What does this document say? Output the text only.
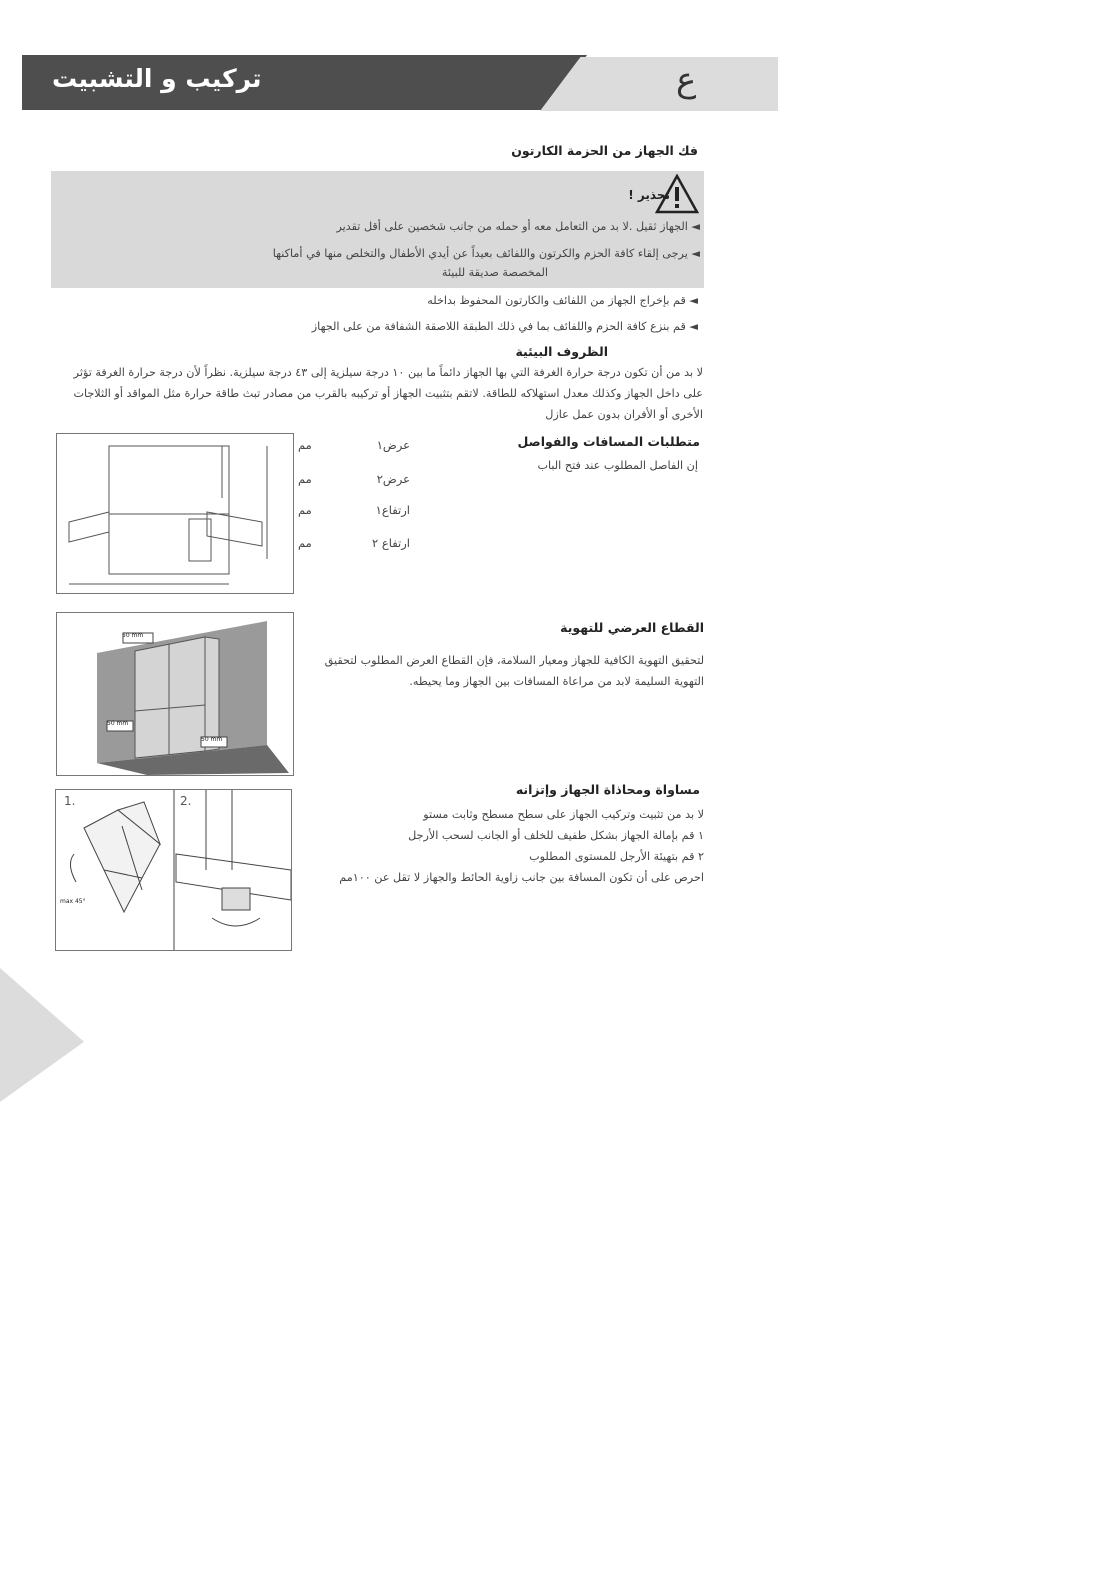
تركيب و التشبيت	ع
فك الجهاز من الحزمة الكارتون
تحذير !
◄ الجهاز ثقيل .لا بد من التعامل معه أو حمله من جانب شخصين على أقل تقدير
◄ يرجى إلقاء كافة الحزم والكرتون واللفائف بعيداً عن أيدي الأطفال والتخلص منها في أماكنها
المخصصة صديقة للبيئة
◄ قم بإخراج الجهاز من اللفائف والكارتون المحفوظ بداخله
◄ قم بنزع كافة الحزم واللفائف بما في ذلك الطبقة اللاصقة الشفافة من على الجهاز
الظروف البيئية
لا بد من أن تكون درجة حرارة الغرفة التي بها الجهاز دائماً ما بين ١٠ درجة سيلزية إلى ٤٣ درجة سيلزية. نظراً لأن درجة حرارة الغرفة تؤثر على داخل الجهاز وكذلك معدل استهلاكه للطاقة. لاتقم بتثبيت الجهاز أو تركيبه بالقرب من مصادر تبث طاقة حرارة مثل المواقد أو الثلاجات الأخرى أو الأفران بدون عمل عازل
مم	عرض١
مم	عرض٢
مم	ارتفاع١
مم	ارتفاع ٢
متطلبات المسافات والفواصل
إن الفاصل المطلوب عند فتح الباب
50 mm
50 mm
50 mm
القطاع العرضي للتهوية
لتحقيق التهوية الكافية للجهاز ومعيار السلامة، فإن القطاع العرض المطلوب لتحقيق التهوية السليمة لابد من مراعاة المسافات بين الجهاز وما يحيطه.
1.	2.
max 45°
مساواة ومحاذاة الجهاز وإتزانه
لا بد من تثبيت وتركيب الجهاز على سطح مسطح وثابت مستو
١ قم بإمالة الجهاز بشكل طفيف للخلف أو الجانب لسحب الأرجل
٢ قم بتهيئة الأرجل للمستوى المطلوب
احرص على أن تكون المسافة بين جانب زاوية الحائط والجهاز لا تقل عن ١٠٠مم
